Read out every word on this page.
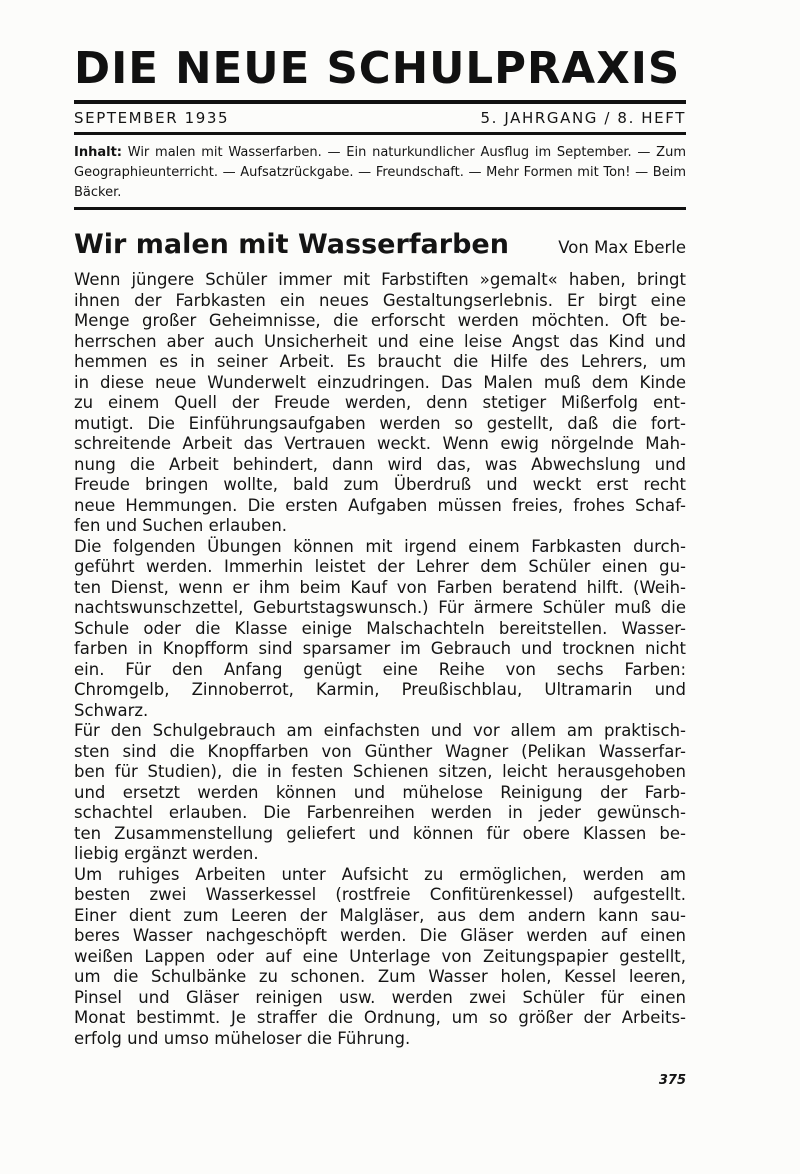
DIE NEUE SCHULPRAXIS
SEPTEMBER 1935	5. JAHRGANG / 8. HEFT
Inhalt: Wir malen mit Wasserfarben. — Ein naturkundlicher Ausflug im September. — Zum Geographieunterricht. — Aufsatzrückgabe. — Freundschaft. — Mehr Formen mit Ton! — Beim Bäcker.
Wir malen mit Wasserfarben	Von Max Eberle
Wenn jüngere Schüler immer mit Farbstiften »gemalt« haben, bringt
ihnen der Farbkasten ein neues Gestaltungserlebnis. Er birgt eine
Menge großer Geheimnisse, die erforscht werden möchten. Oft be-
herrschen aber auch Unsicherheit und eine leise Angst das Kind und
hemmen es in seiner Arbeit. Es braucht die Hilfe des Lehrers, um
in diese neue Wunderwelt einzudringen. Das Malen muß dem Kinde
zu einem Quell der Freude werden, denn stetiger Mißerfolg ent-
mutigt. Die Einführungsaufgaben werden so gestellt, daß die fort-
schreitende Arbeit das Vertrauen weckt. Wenn ewig nörgelnde Mah-
nung die Arbeit behindert, dann wird das, was Abwechslung und
Freude bringen wollte, bald zum Überdruß und weckt erst recht
neue Hemmungen. Die ersten Aufgaben müssen freies, frohes Schaf-
fen und Suchen erlauben.
Die folgenden Übungen können mit irgend einem Farbkasten durch-
geführt werden. Immerhin leistet der Lehrer dem Schüler einen gu-
ten Dienst, wenn er ihm beim Kauf von Farben beratend hilft. (Weih-
nachtswunschzettel, Geburtstagswunsch.) Für ärmere Schüler muß die
Schule oder die Klasse einige Malschachteln bereitstellen. Wasser-
farben in Knopfform sind sparsamer im Gebrauch und trocknen nicht
ein. Für den Anfang genügt eine Reihe von sechs Farben:
Chromgelb, Zinnoberrot, Karmin, Preußischblau, Ultramarin und
Schwarz.
Für den Schulgebrauch am einfachsten und vor allem am praktisch-
sten sind die Knopffarben von Günther Wagner (Pelikan Wasserfar-
ben für Studien), die in festen Schienen sitzen, leicht herausgehoben
und ersetzt werden können und mühelose Reinigung der Farb-
schachtel erlauben. Die Farbenreihen werden in jeder gewünsch-
ten Zusammenstellung geliefert und können für obere Klassen be-
liebig ergänzt werden.
Um ruhiges Arbeiten unter Aufsicht zu ermöglichen, werden am
besten zwei Wasserkessel (rostfreie Confitürenkessel) aufgestellt.
Einer dient zum Leeren der Malgläser, aus dem andern kann sau-
beres Wasser nachgeschöpft werden. Die Gläser werden auf einen
weißen Lappen oder auf eine Unterlage von Zeitungspapier gestellt,
um die Schulbänke zu schonen. Zum Wasser holen, Kessel leeren,
Pinsel und Gläser reinigen usw. werden zwei Schüler für einen
Monat bestimmt. Je straffer die Ordnung, um so größer der Arbeits-
erfolg und umso müheloser die Führung.
375
